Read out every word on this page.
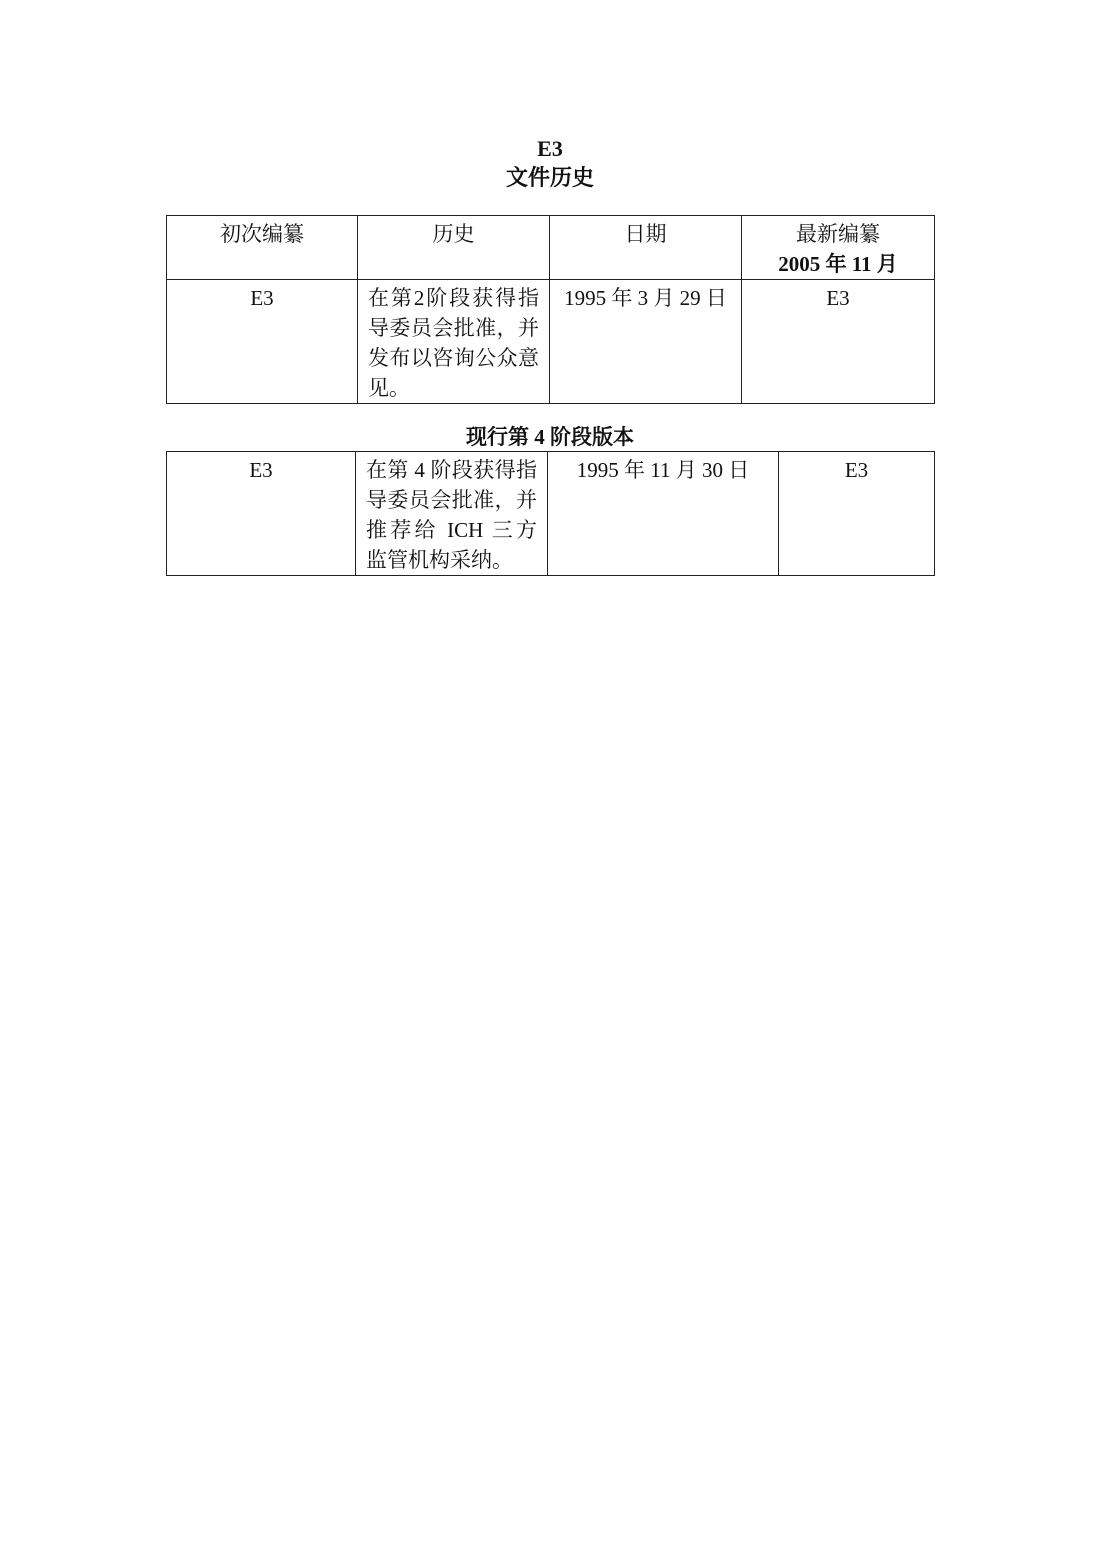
E3
文件历史
初次编纂	历史	日期	最新编纂
2005 年 11 月

E3	在第2阶段获得指导委员会批准，并发布以咨询公众意见。	1995 年 3 月 29 日	E3
现行第 4 阶段版本
E3	在第 4 阶段获得指导委员会批准，并推荐给 ICH 三方监管机构采纳。	1995 年 11 月 30 日	E3
